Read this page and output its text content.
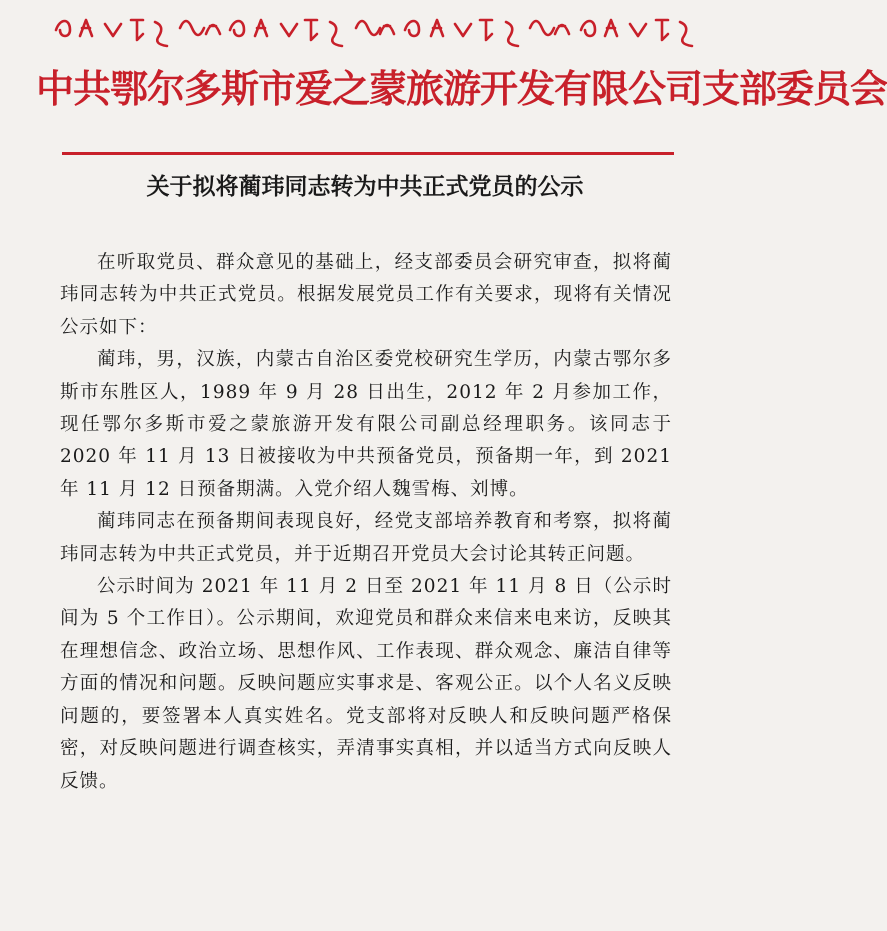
中共鄂尔多斯市爱之蒙旅游开发有限公司支部委员会
关于拟将蔺玮同志转为中共正式党员的公示

在听取党员、群众意见的基础上，经支部委员会研究审查，拟将蔺玮同志转为中共正式党员。根据发展党员工作有关要求，现将有关情况公示如下：

蔺玮，男，汉族，内蒙古自治区委党校研究生学历，内蒙古鄂尔多斯市东胜区人，1989 年 9 月 28 日出生，2012 年 2 月参加工作，现任鄂尔多斯市爱之蒙旅游开发有限公司副总经理职务。该同志于 2020 年 11 月 13 日被接收为中共预备党员，预备期一年，到 2021 年 11 月 12 日预备期满。入党介绍人魏雪梅、刘博。

蔺玮同志在预备期间表现良好，经党支部培养教育和考察，拟将蔺玮同志转为中共正式党员，并于近期召开党员大会讨论其转正问题。

公示时间为 2021 年 11 月 2 日至 2021 年 11 月 8 日（公示时间为 5 个工作日）。公示期间，欢迎党员和群众来信来电来访，反映其在理想信念、政治立场、思想作风、工作表现、群众观念、廉洁自律等方面的情况和问题。反映问题应实事求是、客观公正。以个人名义反映问题的，要签署本人真实姓名。党支部将对反映人和反映问题严格保密，对反映问题进行调查核实，弄清事实真相，并以适当方式向反映人反馈。
